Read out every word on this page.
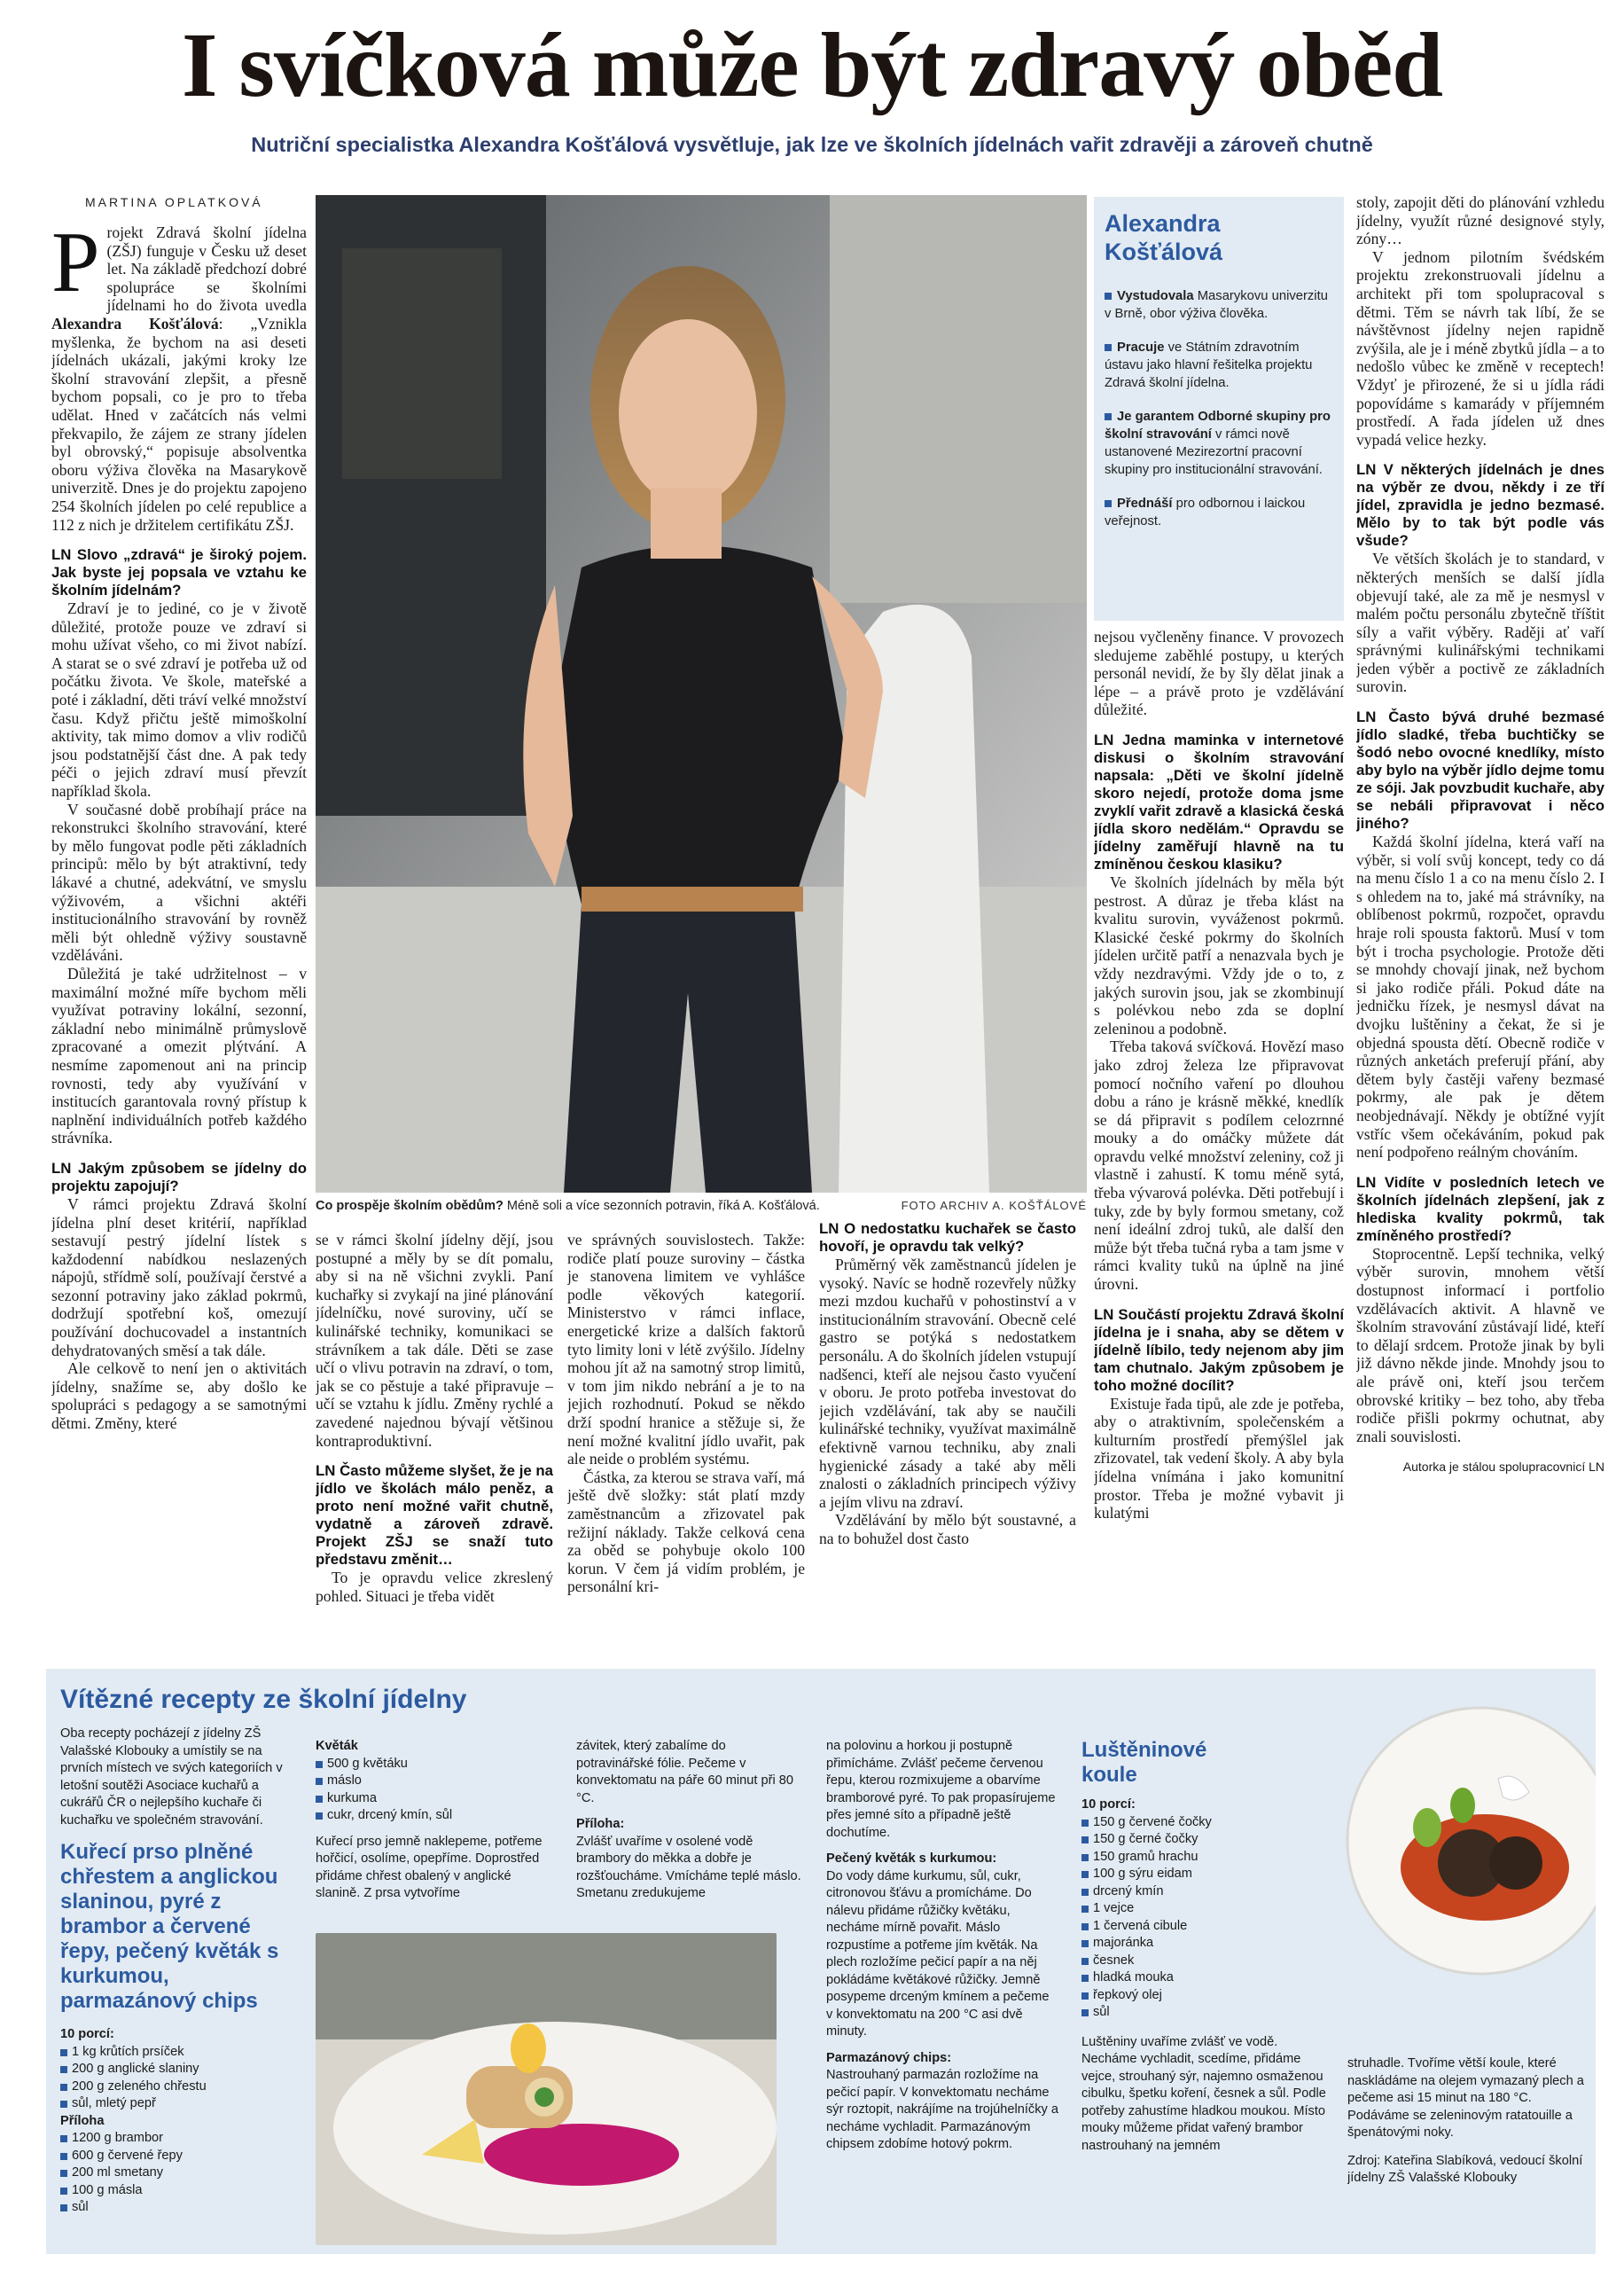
I svíčková může být zdravý oběd
Nutriční specialistka Alexandra Košťálová vysvětluje, jak lze ve školních jídelnách vařit zdravěji a zároveň chutně
MARTINA OPLATKOVÁ

Projekt Zdravá školní jídelna (ZŠJ) funguje v Česku už deset let. Na základě předchozí dobré spolupráce se školními jídelnami ho do života uvedla Alexandra Košťálová: „Vznikla myšlenka, že bychom na asi deseti jídelnách ukázali, jakými kroky lze školní stravování zlepšit, a přesně bychom popsali, co je pro to třeba udělat. Hned v začátcích nás velmi překvapilo, že zájem ze strany jídelen byl obrovský,“ popisuje absolventka oboru výživa člověka na Masarykově univerzitě. Dnes je do projektu zapojeno 254 školních jídelen po celé republice a 112 z nich je držitelem certifikátu ZŠJ.

LN Slovo „zdravá“ je široký pojem. Jak byste jej popsala ve vztahu ke školním jídelnám?

Zdraví je to jediné, co je v životě důležité, protože pouze ve zdraví si mohu užívat všeho, co mi život nabízí. A starat se o své zdraví je potřeba už od počátku života. Ve škole, mateřské a poté i základní, děti tráví velké množství času. Když přičtu ještě mimoškolní aktivity, tak mimo domov a vliv rodičů jsou podstatnější část dne. A pak tedy péči o jejich zdraví musí převzít například škola.

V současné době probíhají práce na rekonstrukci školního stravování, které by mělo fungovat podle pěti základních principů: mělo by být atraktivní, tedy lákavé a chutné, adekvátní, ve smyslu výživovém, a všichni aktéři institucionálního stravování by rovněž měli být ohledně výživy soustavně vzděláváni.

Důležitá je také udržitelnost – v maximální možné míře bychom měli využívat potraviny lokální, sezonní, základní nebo minimálně průmyslově zpracované a omezit plýtvání. A nesmíme zapomenout ani na princip rovnosti, tedy aby využívání v institucích garantovala rovný přístup k naplnění individuálních potřeb každého strávníka.

LN Jakým způsobem se jídelny do projektu zapojují?

V rámci projektu Zdravá školní jídelna plní deset kritérií, například sestavují pestrý jídelní lístek s každodenní nabídkou neslazených nápojů, střídmě solí, používají čerstvé a sezonní potraviny jako základ pokrmů, dodržují spotřební koš, omezují používání dochucovadel a instantních dehydratovaných směsí a tak dále.

Ale celkově to není jen o aktivitách jídelny, snažíme se, aby došlo ke spolupráci s pedagogy a se samotnými dětmi. Změny, které

Co prospěje školním obědům? Méně soli a více sezonních potravin, říká A. Košťálová.	FOTO ARCHIV A. KOŠŤÁLOVÉ
Alexandra Košťálová
Vystudovala Masarykovu univerzitu v Brně, obor výživa člověka.
Pracuje ve Státním zdravotním ústavu jako hlavní řešitelka projektu Zdravá školní jídelna.
Je garantem Odborné skupiny pro školní stravování v rámci nově ustanovené Mezirezortní pracovní skupiny pro institucionální stravování.
Přednáší pro odbornou i laickou veřejnost.

se v rámci školní jídelny dějí, jsou postupné a měly by se dít pomalu, aby si na ně všichni zvykli. Paní kuchařky si zvykají na jiné plánování jídelníčku, nové suroviny, učí se kulinářské techniky, komunikaci se strávníkem a tak dále. Děti se zase učí o vlivu potravin na zdraví, o tom, jak se co pěstuje a také připravuje – učí se vztahu k jídlu. Změny rychlé a zavedené najednou bývají většinou kontraproduktivní.

LN Často můžeme slyšet, že je na jídlo ve školách málo peněz, a proto není možné vařit chutně, vydatně a zároveň zdravě. Projekt ZŠJ se snaží tuto představu změnit…

To je opravdu velice zkreslený pohled. Situaci je třeba vidět

ve správných souvislostech. Takže: rodiče platí pouze suroviny – částka je stanovena limitem ve vyhlášce podle věkových kategorií. Ministerstvo v rámci inflace, energetické krize a dalších faktorů tyto limity loni v létě zvýšilo. Jídelny mohou jít až na samotný strop limitů, v tom jim nikdo nebrání a je to na jejich rozhodnutí. Pokud se někdo drží spodní hranice a stěžuje si, že není možné kvalitní jídlo uvařit, pak ale neide o problém systému.

Částka, za kterou se strava vaří, má ještě dvě složky: stát platí mzdy zaměstnancům a zřizovatel pak režijní náklady. Takže celková cena za oběd se pohybuje okolo 100 korun. V čem já vidím problém, je personální kri-

LN O nedostatku kuchařek se často hovoří, je opravdu tak velký?

Průměrný věk zaměstnanců jídelen je vysoký. Navíc se hodně rozevřely nůžky mezi mzdou kuchařů v pohostinství a v institucionálním stravování. Obecně celé gastro se potýká s nedostatkem personálu. A do školních jídelen vstupují nadšenci, kteří ale nejsou často vyučení v oboru. Je proto potřeba investovat do jejich vzdělávání, tak aby se naučili kulinářské techniky, využívat maximálně efektivně varnou techniku, aby znali hygienické zásady a také aby měli znalosti o základních principech výživy a jejím vlivu na zdraví.

Vzdělávání by mělo být soustavné, a na to bohužel dost často

nejsou vyčleněny finance. V provozech sledujeme zaběhlé postupy, u kterých personál nevidí, že by šly dělat jinak a lépe – a právě proto je vzdělávání důležité.

LN Jedna maminka v internetové diskusi o školním stravování napsala: „Děti ve školní jídelně skoro nejedí, protože doma jsme zvyklí vařit zdravě a klasická česká jídla skoro nedělám.“ Opravdu se jídelny zaměřují hlavně na tu zmíněnou českou klasiku?

Ve školních jídelnách by měla být pestrost. A důraz je třeba klást na kvalitu surovin, vyváženost pokrmů. Klasické české pokrmy do školních jídelen určitě patří a nenazvala bych je vždy nezdravými. Vždy jde o to, z jakých surovin jsou, jak se zkombinují s polévkou nebo zda se doplní zeleninou a podobně.

Třeba taková svíčková. Hovězí maso jako zdroj železa lze připravovat pomocí nočního vaření po dlouhou dobu a ráno je krásně měkké, knedlík se dá připravit s podílem celozrnné mouky a do omáčky můžete dát opravdu velké množství zeleniny, což ji vlastně i zahustí. K tomu méně sytá, třeba vývarová polévka. Děti potřebují i tuky, zde by byly formou smetany, což není ideální zdroj tuků, ale další den může být třeba tučná ryba a tam jsme v rámci kvality tuků na úplně na jiné úrovni.

LN Součástí projektu Zdravá školní jídelna je i snaha, aby se dětem v jídelně líbilo, tedy nejenom aby jim tam chutnalo. Jakým způsobem je toho možné docílit?

Existuje řada tipů, ale zde je potřeba, aby o atraktivním, společenském a kulturním prostředí přemýšlel jak zřizovatel, tak vedení školy. A aby byla jídelna vnímána i jako komunitní prostor. Třeba je možné vybavit ji kulatými

stoly, zapojit děti do plánování vzhledu jídelny, využít různé designové styly, zóny…

V jednom pilotním švédském projektu zrekonstruovali jídelnu a architekt při tom spolupracoval s dětmi. Těm se návrh tak líbí, že se návštěvnost jídelny nejen rapidně zvýšila, ale je i méně zbytků jídla – a to nedošlo vůbec ke změně v receptech! Vždyť je přirozené, že si u jídla rádi popovídáme s kamarády v příjemném prostředí. A řada jídelen už dnes vypadá velice hezky.

LN V některých jídelnách je dnes na výběr ze dvou, někdy i ze tří jídel, zpravidla je jedno bezmasé. Mělo by to tak být podle vás všude?

Ve větších školách je to standard, v některých menších se další jídla objevují také, ale za mě je nesmysl v malém počtu personálu zbytečně tříštit síly a vařit výběry. Raději ať vaří správnými kulinářskými technikami jeden výběr a poctivě ze základních surovin.

LN Často bývá druhé bezmasé jídlo sladké, třeba buchtičky se šodó nebo ovocné knedlíky, místo aby bylo na výběr jídlo dejme tomu ze sóji. Jak povzbudit kuchaře, aby se nebáli připravovat i něco jiného?

Každá školní jídelna, která vaří na výběr, si volí svůj koncept, tedy co dá na menu číslo 1 a co na menu číslo 2. I s ohledem na to, jaké má strávníky, na oblíbenost pokrmů, rozpočet, opravdu hraje roli spousta faktorů. Musí v tom být i trocha psychologie. Protože děti se mnohdy chovají jinak, než bychom si jako rodiče přáli. Pokud dáte na jedničku řízek, je nesmysl dávat na dvojku luštěniny a čekat, že si je objedná spousta dětí. Obecně rodiče v různých anketách preferují přání, aby dětem byly častěji vařeny bezmasé pokrmy, ale pak je dětem neobjednávají. Někdy je obtížné vyjít vstříc všem očekáváním, pokud pak není podpořeno reálným chováním.

LN Vidíte v posledních letech ve školních jídelnách zlepšení, jak z hlediska kvality pokrmů, tak zmíněného prostředí?

Stoprocentně. Lepší technika, velký výběr surovin, mnohem větší dostupnost informací i portfolio vzdělávacích aktivit. A hlavně ve školním stravování zůstávají lidé, kteří to dělají srdcem. Protože jinak by byli již dávno někde jinde. Mnohdy jsou to ale právě oni, kteří jsou terčem obrovské kritiky – bez toho, aby třeba rodiče přišli pokrmy ochutnat, aby znali souvislosti.

Autorka je stálou spolupracovnicí LN

Vítězné recepty ze školní jídelny
Oba recepty pocházejí z jídelny ZŠ Valašské Klobouky a umístily se na prvních místech ve svých kategoriích v letošní soutěži Asociace kuchařů a cukrářů ČR o nejlepšího kuchaře či kuchařku ve společném stravování.
Kuřecí prso plněné chřestem a anglickou slaninou, pyré z brambor a červené řepy, pečený květák s kurkumou, parmazánový chips
10 porcí:
1 kg krůtích prsíček
200 g anglické slaniny
200 g zeleného chřestu
sůl, mletý pepř
Příloha
1200 g brambor
600 g červené řepy
200 ml smetany
100 g másla
sůl
Květák
500 g květáku
máslo
kurkuma
cukr, drcený kmín, sůl
Kuřecí prso jemně naklepeme, potřeme hořčicí, osolíme, opepříme. Doprostřed přidáme chřest obalený v anglické slanině. Z prsa vytvoříme
závitek, který zabalíme do potravinářské fólie. Pečeme v konvektomatu na páře 60 minut při 80 °C.
Příloha:
Zvlášť uvaříme v osolené vodě brambory do měkka a dobře je rozšťoucháme. Vmícháme teplé máslo. Smetanu zredukujeme
na polovinu a horkou ji postupně přimícháme. Zvlášť pečeme červenou řepu, kterou rozmixujeme a obarvíme bramborové pyré. To pak propasírujeme přes jemné síto a případně ještě dochutíme.
Pečený květák s kurkumou:
Do vody dáme kurkumu, sůl, cukr, citronovou šťávu a promícháme. Do nálevu přidáme růžičky květáku, necháme mírně povařit. Máslo rozpustíme a potřeme jím květák. Na plech rozložíme pečicí papír a na něj pokládáme květákové růžičky. Jemně posypeme drceným kmínem a pečeme v konvektomatu na 200 °C asi dvě minuty.
Parmazánový chips:
Nastrouhaný parmazán rozložíme na pečicí papír. V konvektomatu necháme sýr roztopit, nakrájíme na trojúhelníčky a necháme vychladit. Parmazánovým chipsem zdobíme hotový pokrm.
Luštěninové koule
10 porcí:
150 g červené čočky
150 g černé čočky
150 gramů hrachu
100 g sýru eidam
drcený kmín
1 vejce
1 červená cibule
majoránka
česnek
hladká mouka
řepkový olej
sůl
Luštěniny uvaříme zvlášť ve vodě. Necháme vychladit, scedíme, přidáme vejce, strouhaný sýr, najemno osmaženou cibulku, špetku koření, česnek a sůl. Podle potřeby zahustíme hladkou moukou. Místo mouky můžeme přidat vařený brambor nastrouhaný na jemném
struhadle. Tvoříme větší koule, které naskládáme na olejem vymazaný plech a pečeme asi 15 minut na 180 °C. Podáváme se zeleninovým ratatouille a špenátovými noky.
Zdroj: Kateřina Slabíková, vedoucí školní jídelny ZŠ Valašské Klobouky
